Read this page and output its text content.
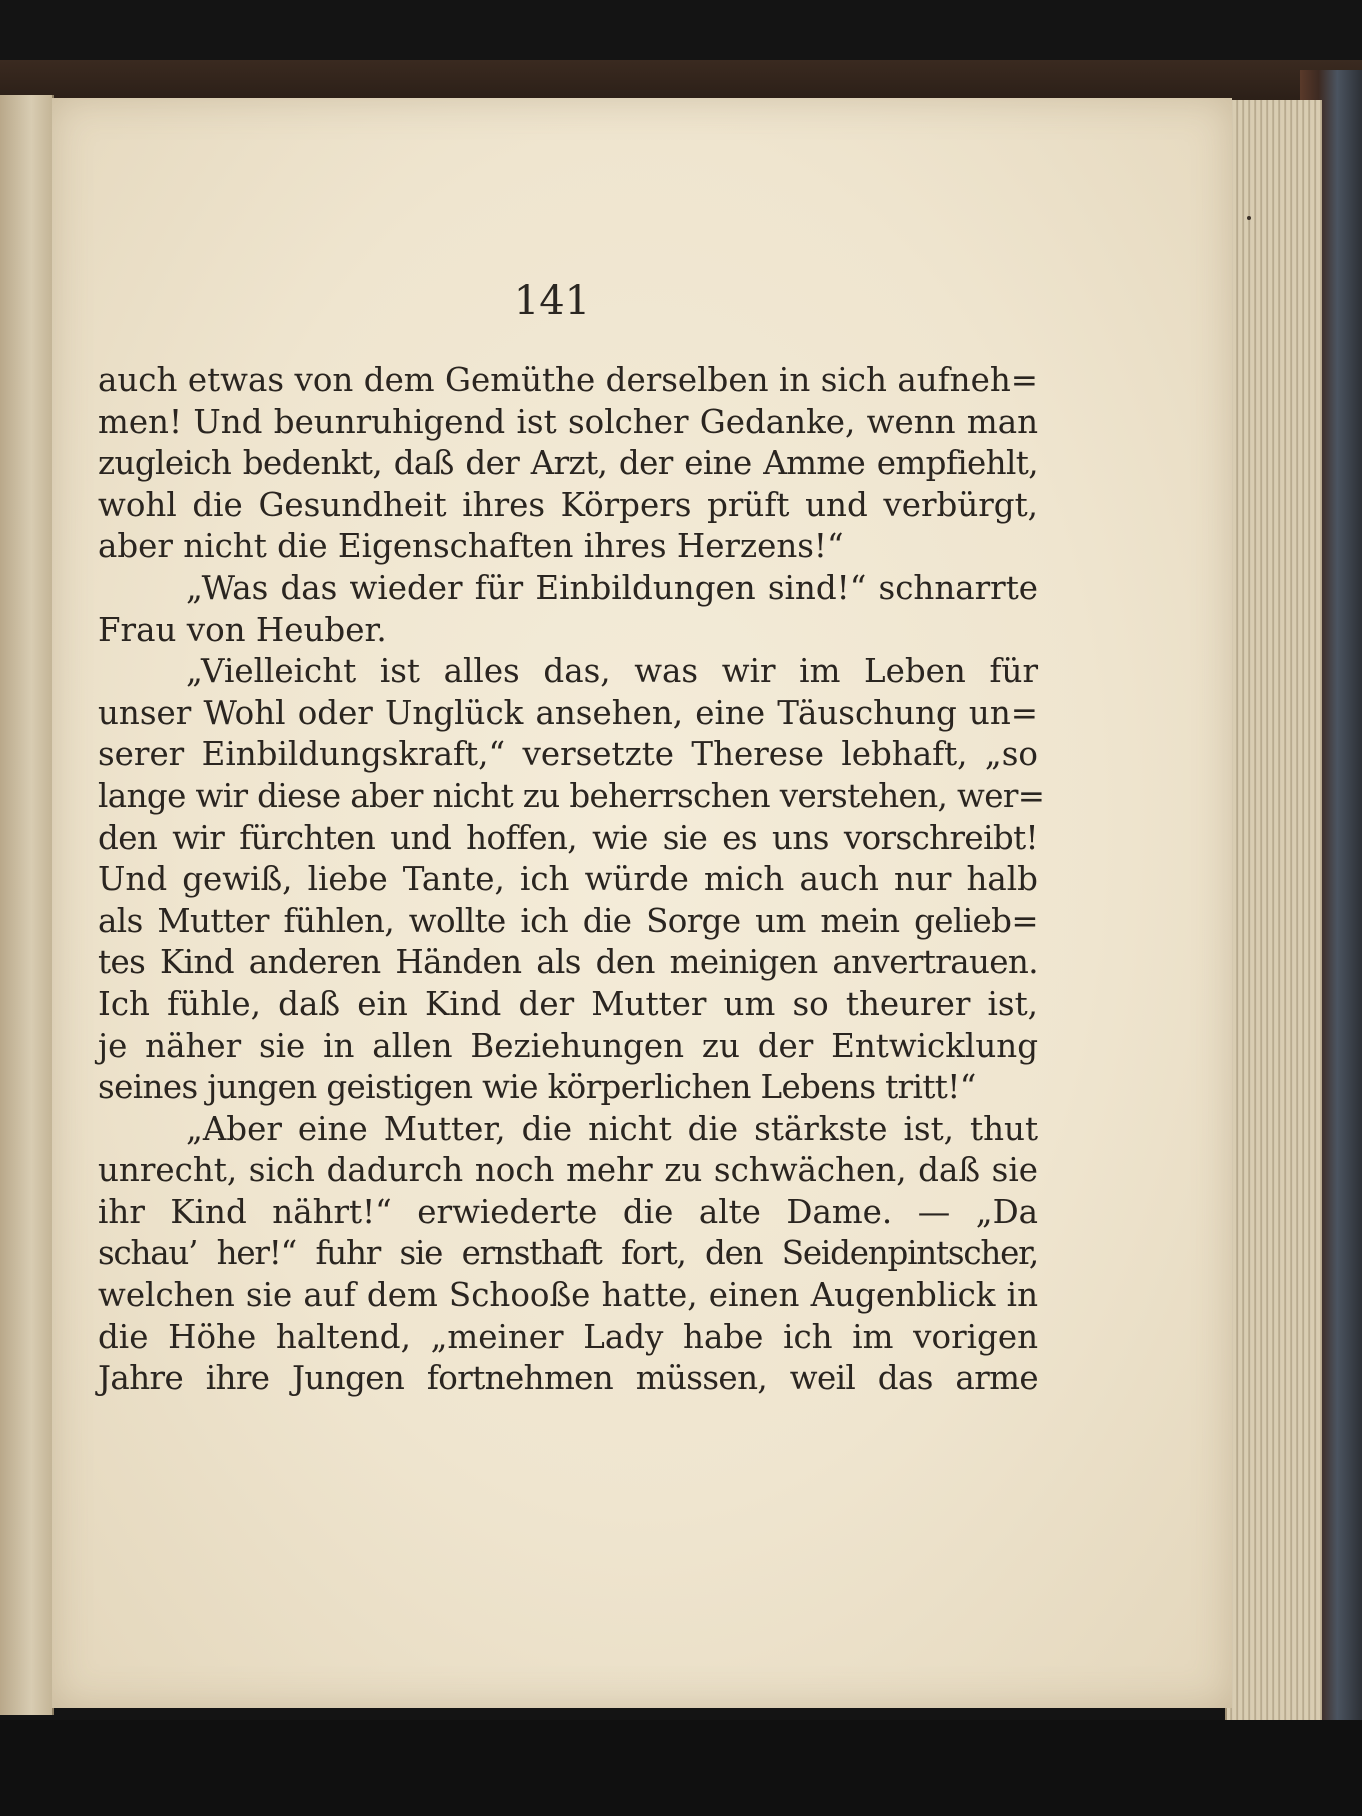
141
auch etwas von dem Gemüthe derselben in sich aufneh=
men! Und beunruhigend ist solcher Gedanke, wenn man
zugleich bedenkt, daß der Arzt, der eine Amme empfiehlt,
wohl die Gesundheit ihres Körpers prüft und verbürgt,
aber nicht die Eigenschaften ihres Herzens!“
„Was das wieder für Einbildungen sind!“ schnarrte
Frau von Heuber.
„Vielleicht ist alles das, was wir im Leben für
unser Wohl oder Unglück ansehen, eine Täuschung un=
serer Einbildungskraft,“ versetzte Therese lebhaft, „so
lange wir diese aber nicht zu beherrschen verstehen, wer=
den wir fürchten und hoffen, wie sie es uns vorschreibt!
Und gewiß, liebe Tante, ich würde mich auch nur halb
als Mutter fühlen, wollte ich die Sorge um mein gelieb=
tes Kind anderen Händen als den meinigen anvertrauen.
Ich fühle, daß ein Kind der Mutter um so theurer ist,
je näher sie in allen Beziehungen zu der Entwicklung
seines jungen geistigen wie körperlichen Lebens tritt!“
„Aber eine Mutter, die nicht die stärkste ist, thut
unrecht, sich dadurch noch mehr zu schwächen, daß sie
ihr Kind nährt!“ erwiederte die alte Dame. — „Da
schau’ her!“ fuhr sie ernsthaft fort, den Seidenpintscher,
welchen sie auf dem Schooße hatte, einen Augenblick in
die Höhe haltend, „meiner Lady habe ich im vorigen
Jahre ihre Jungen fortnehmen müssen, weil das arme
